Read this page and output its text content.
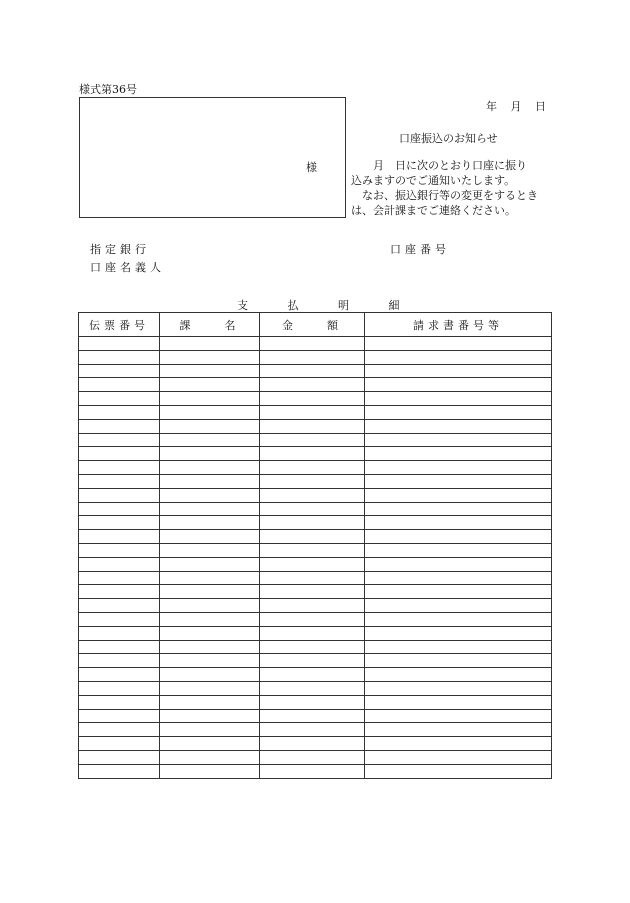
様式第36号
年 月 日
様
口座振込のお知らせ
　　月　日に次のとおり口座に振り
込みますのでご通知いたします。
　なお、振込銀行等の変更をするとき
は、会計課までご連絡ください。
指定銀行
口座名義人
口座番号
支 払 明 細
伝票番号	課　　名	金　　額	請求書番号等
